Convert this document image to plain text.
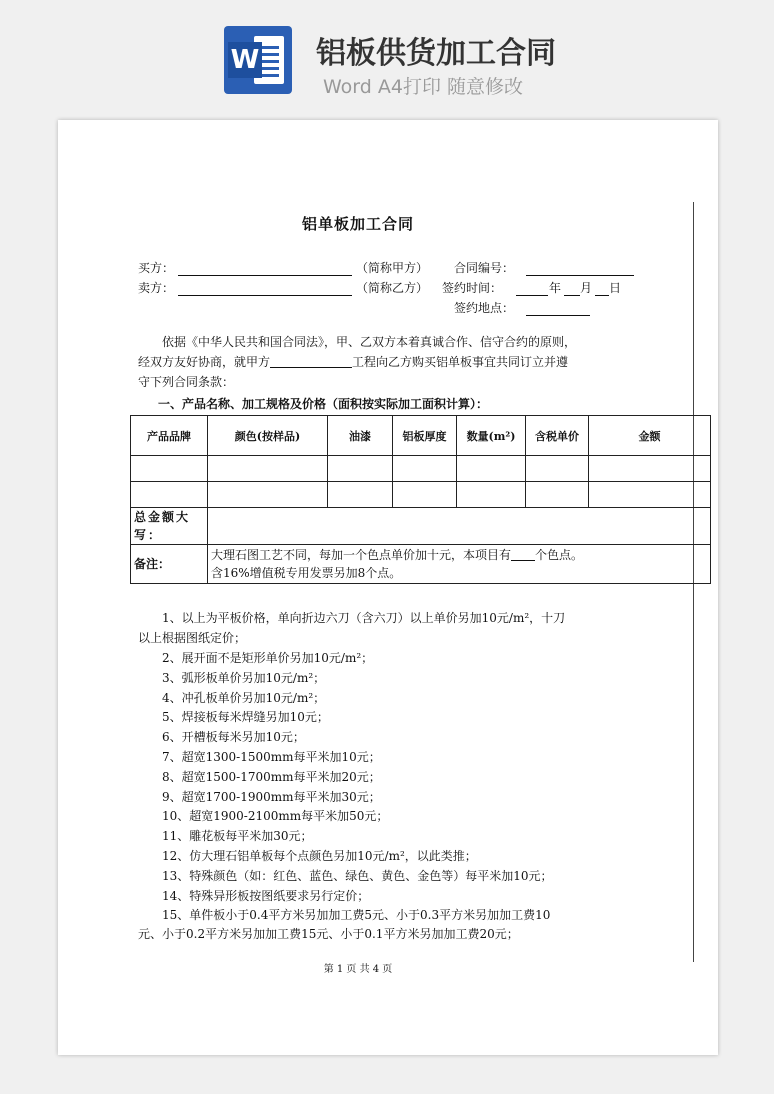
W 铝板供货加工合同
Word A4打印 随意修改
铝单板加工合同
买方：	（简称甲方） 合同编号：
卖方：	（简称乙方） 签约时间：	年 月 日
签约地点：
依据《中华人民共和国合同法》，甲、乙双方本着真诚合作、信守合约的原则，
经双方友好协商，就甲方	工程向乙方购买铝单板事宜共同订立并遵
守下列合同条款：
一、产品名称、加工规格及价格（面积按实际加工面积计算）：
产品品牌	颜色(按样品)	油漆	铝板厚度	数量(m²)	含税单价	金额

总金额大写：						

备注：	大理石图工艺不同，每加一个色点单价加十元，本项目有 个色点。
含16%增值税专用发票另加8个点。					
1、以上为平板价格，单向折边六刀（含六刀）以上单价另加10元/m²，十刀
以上根据图纸定价；
2、展开面不是矩形单价另加10元/m²；
3、弧形板单价另加10元/m²；
4、冲孔板单价另加10元/m²；
5、焊接板每米焊缝另加10元；
6、开槽板每米另加10元；
7、超宽1300-1500mm每平米加10元；
8、超宽1500-1700mm每平米加20元；
9、超宽1700-1900mm每平米加30元；
10、超宽1900-2100mm每平米加50元；
11、雕花板每平米加30元；
12、仿大理石铝单板每个点颜色另加10元/m²，以此类推；
13、特殊颜色（如：红色、蓝色、绿色、黄色、金色等）每平米加10元；
14、特殊异形板按图纸要求另行定价；
15、单件板小于0.4平方米另加加工费5元、小于0.3平方米另加加工费10
元、小于0.2平方米另加加工费15元、小于0.1平方米另加加工费20元；
第 1 页 共 4 页
